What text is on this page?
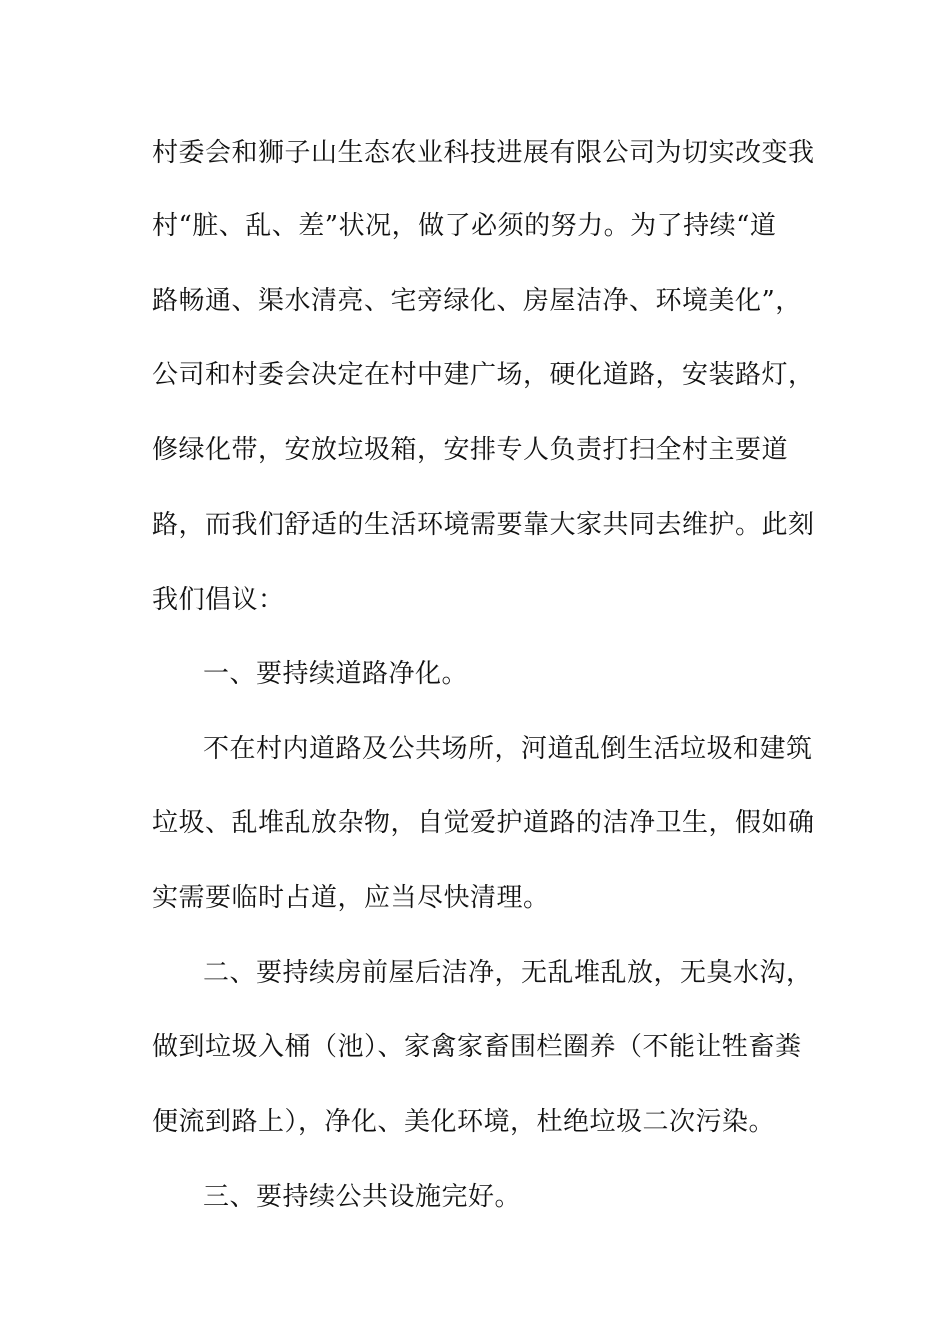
村委会和狮子山生态农业科技进展有限公司为切实改变我
村“脏、乱、差”状况，做了必须的努力。为了持续“道
路畅通、渠水清亮、宅旁绿化、房屋洁净、环境美化”，
公司和村委会决定在村中建广场，硬化道路，安装路灯，
修绿化带，安放垃圾箱，安排专人负责打扫全村主要道
路，而我们舒适的生活环境需要靠大家共同去维护。此刻
我们倡议：
一、要持续道路净化。
不在村内道路及公共场所，河道乱倒生活垃圾和建筑
垃圾、乱堆乱放杂物，自觉爱护道路的洁净卫生，假如确
实需要临时占道，应当尽快清理。
二、要持续房前屋后洁净，无乱堆乱放，无臭水沟，
做到垃圾入桶（池）、家禽家畜围栏圈养（不能让牲畜粪
便流到路上），净化、美化环境，杜绝垃圾二次污染。
三、要持续公共设施完好。
